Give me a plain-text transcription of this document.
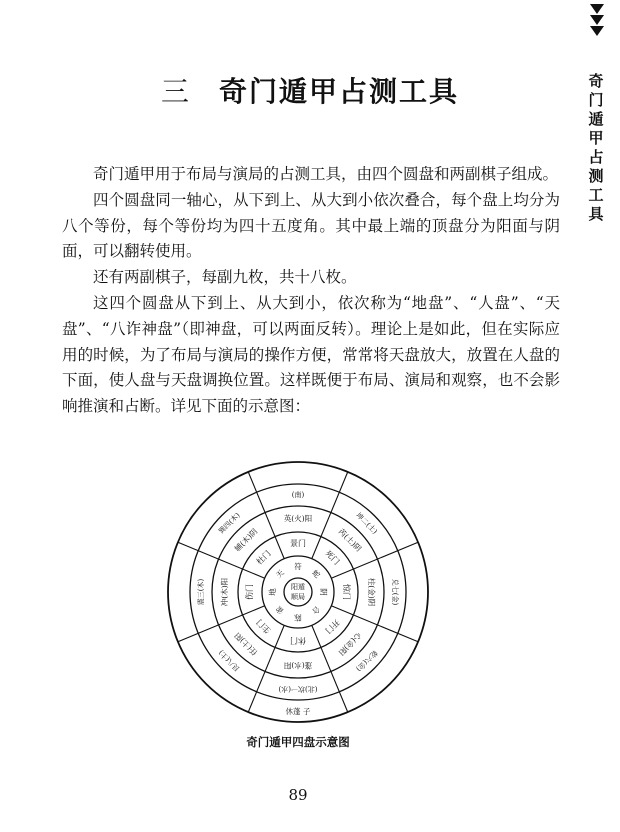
奇门遁甲占测工具
三 奇门遁甲占测工具

奇门遁甲用于布局与演局的占测工具，由四个圆盘和两副棋子组成。

四个圆盘同一轴心，从下到上、从大到小依次叠合，每个盘上均分为八个等份，每个等份均为四十五度角。其中最上端的顶盘分为阳面与阴面，可以翻转使用。

还有两副棋子，每副九枚，共十八枚。

这四个圆盘从下到上、从大到小，依次称为“地盘”、“人盘”、“天盘”、“八诈神盘”（即神盘，可以两面反转）。理论上是如此，但在实际应用的时候，为了布局与演局的操作方便，常常将天盘放大，放置在人盘的下面，使人盘与天盘调换位置。这样既便于布局、演局和观察，也不会影响推演和占断。详见下面的示意图：

阳遁
顺局
符
蛇
阴
合
陈
雀
地
天
景门
死门
惊门
开门
休门
生门
伤门
杜门
英(火)阳
芮(土)阴
柱(金)阴
心(金)阳
蓬(水)阳
任(土)阳
冲(木)阳
辅(木)阴
(南)
坤二(土)
兑七(金)
乾六(金)
(北)坎一(水)
艮八(土)
震三(木)
巽四(木)
休蓬 子
奇门遁甲四盘示意图
89
